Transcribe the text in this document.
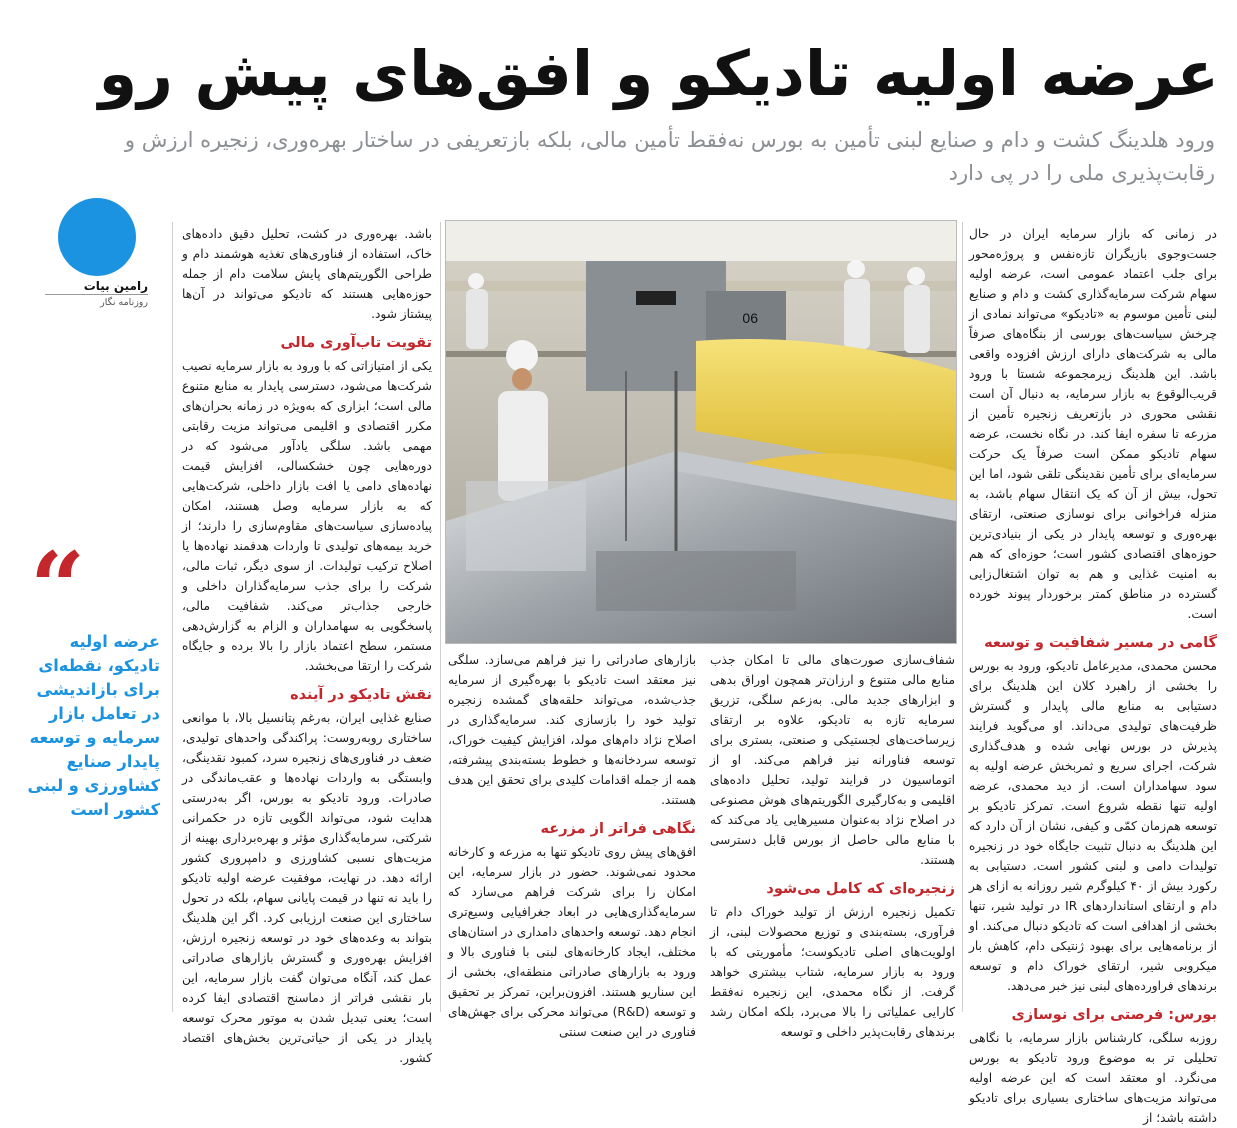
عرضه اولیه تادیکو و افق‌های پیش رو
ورود هلدینگ کشت و دام و صنایع لبنی تأمین به بورس نه‌فقط تأمین مالی، بلکه بازتعریفی در ساختار بهره‌وری، زنجیره ارزش و رقابت‌پذیری ملی را در پی دارد

در زمانی که بازار سرمایه ایران در حال جست‌وجوی بازیگران تازه‌نفس و پروژه‌محور برای جلب اعتماد عمومی است، عرضه اولیه سهام شرکت سرمایه‌گذاری کشت و دام و صنایع لبنی تأمین موسوم به «تادیکو» می‌تواند نمادی از چرخش سیاست‌های بورسی از بنگاه‌های صرفاً مالی به شرکت‌های دارای ارزش افزوده واقعی باشد. این هلدینگ زیرمجموعه شستا با ورود قریب‌الوقوع به بازار سرمایه، به دنبال آن است نقشی محوری در بازتعریف زنجیره تأمین از مزرعه تا سفره ایفا کند. در نگاه نخست، عرضه سهام تادیکو ممکن است صرفاً یک حرکت سرمایه‌ای برای تأمین نقدینگی تلقی شود، اما این تحول، بیش از آن که یک انتقال سهام باشد، به منزله فراخوانی برای نوسازی صنعتی، ارتقای بهره‌وری و توسعه پایدار در یکی از بنیادی‌ترین حوزه‌های اقتصادی کشور است؛ حوزه‌ای که هم به امنیت غذایی و هم به توان اشتغال‌زایی گسترده در مناطق کمتر برخوردار پیوند خورده است.

گامی در مسیر شفافیت و توسعه

محسن محمدی، مدیرعامل تادیکو، ورود به بورس را بخشی از راهبرد کلان این هلدینگ برای دستیابی به منابع مالی پایدار و گسترش ظرفیت‌های تولیدی می‌داند. او می‌گوید فرایند پذیرش در بورس نهایی شده و هدف‌گذاری شرکت، اجرای سریع و ثمربخش عرضه اولیه به سود سهامداران است. از دید محمدی، عرضه اولیه تنها نقطه شروع است. تمرکز تادیکو بر توسعه هم‌زمان کمّی و کیفی، نشان از آن دارد که این هلدینگ به دنبال تثبیت جایگاه خود در زنجیره تولیدات دامی و لبنی کشور است. دستیابی به رکورد بیش از ۴۰ کیلوگرم شیر روزانه به ازای هر دام و ارتقای استانداردهای IR در تولید شیر، تنها بخشی از اهدافی است که تادیکو دنبال می‌کند. او از برنامه‌هایی برای بهبود ژنتیکی دام، کاهش بار میکروبی شیر، ارتقای خوراک دام و توسعه برندهای فراورده‌های لبنی نیز خبر می‌دهد.

بورس: فرصتی برای نوسازی

روزبه سلگی، کارشناس بازار سرمایه، با نگاهی تحلیلی تر به موضوع ورود تادیکو به بورس می‌نگرد. او معتقد است که این عرضه اولیه می‌تواند مزیت‌های ساختاری بسیاری برای تادیکو داشته باشد؛ از

06

شفاف‌سازی صورت‌های مالی تا امکان جذب منابع مالی متنوع و ارزان‌تر همچون اوراق بدهی و ابزارهای جدید مالی. به‌زعم سلگی، تزریق سرمایه تازه به تادیکو، علاوه بر ارتقای زیرساخت‌های لجستیکی و صنعتی، بستری برای توسعه فناورانه نیز فراهم می‌کند. او از اتوماسیون در فرایند تولید، تحلیل داده‌های اقلیمی و به‌کارگیری الگوریتم‌های هوش مصنوعی در اصلاح نژاد به‌عنوان مسیرهایی یاد می‌کند که با منابع مالی حاصل از بورس قابل دسترسی هستند.

زنجیره‌ای که کامل می‌شود

تکمیل زنجیره ارزش از تولید خوراک دام تا فرآوری، بسته‌بندی و توزیع محصولات لبنی، از اولویت‌های اصلی تادیکوست؛ مأموریتی که با ورود به بازار سرمایه، شتاب بیشتری خواهد گرفت. از نگاه محمدی، این زنجیره نه‌فقط کارایی عملیاتی را بالا می‌برد، بلکه امکان رشد برندهای رقابت‌پذیر داخلی و توسعه

بازارهای صادراتی را نیز فراهم می‌سازد. سلگی نیز معتقد است تادیکو با بهره‌گیری از سرمایه جذب‌شده، می‌تواند حلقه‌های گمشده زنجیره تولید خود را بازسازی کند. سرمایه‌گذاری در اصلاح نژاد دام‌های مولد، افزایش کیفیت خوراک، توسعه سردخانه‌ها و خطوط بسته‌بندی پیشرفته، همه از جمله اقدامات کلیدی برای تحقق این هدف هستند.

نگاهی فراتر از مزرعه

افق‌های پیش روی تادیکو تنها به مزرعه و کارخانه محدود نمی‌شوند. حضور در بازار سرمایه، این امکان را برای شرکت فراهم می‌سازد که سرمایه‌گذاری‌هایی در ابعاد جغرافیایی وسیع‌تری انجام دهد. توسعه واحدهای دامداری در استان‌های مختلف، ایجاد کارخانه‌های لبنی با فناوری بالا و ورود به بازارهای صادراتی منطقه‌ای، بخشی از این سناریو هستند. افزون‌براین، تمرکز بر تحقیق و توسعه (R&D) می‌تواند محرکی برای جهش‌های فناوری در این صنعت سنتی

باشد. بهره‌وری در کشت، تحلیل دقیق داده‌های خاک، استفاده از فناوری‌های تغذیه هوشمند دام و طراحی الگوریتم‌های پایش سلامت دام از جمله حوزه‌هایی هستند که تادیکو می‌تواند در آن‌ها پیشتاز شود.

تقویت تاب‌آوری مالی

یکی از امتیازاتی که با ورود به بازار سرمایه نصیب شرکت‌ها می‌شود، دسترسی پایدار به منابع متنوع مالی است؛ ابزاری که به‌ویژه در زمانه بحران‌های مکرر اقتصادی و اقلیمی می‌تواند مزیت رقابتی مهمی باشد. سلگی یادآور می‌شود که در دوره‌هایی چون خشکسالی، افزایش قیمت نهاده‌های دامی یا افت بازار داخلی، شرکت‌هایی که به بازار سرمایه وصل هستند، امکان پیاده‌سازی سیاست‌های مقاوم‌سازی را دارند؛ از خرید بیمه‌های تولیدی تا واردات هدفمند نهاده‌ها یا اصلاح ترکیب تولیدات. از سوی دیگر، ثبات مالی، شرکت را برای جذب سرمایه‌گذاران داخلی و خارجی جذاب‌تر می‌کند. شفافیت مالی، پاسخگویی به سهامداران و الزام به گزارش‌دهی مستمر، سطح اعتماد بازار را بالا برده و جایگاه شرکت را ارتقا می‌بخشد.

نقش تادیکو در آینده

صنایع غذایی ایران، به‌رغم پتانسیل بالا، با موانعی ساختاری روبه‌روست: پراکندگی واحدهای تولیدی، ضعف در فناوری‌های زنجیره سرد، کمبود نقدینگی، وابستگی به واردات نهاده‌ها و عقب‌ماندگی در صادرات. ورود تادیکو به بورس، اگر به‌درستی هدایت شود، می‌تواند الگویی تازه در حکمرانی شرکتی، سرمایه‌گذاری مؤثر و بهره‌برداری بهینه از مزیت‌های نسبی کشاورزی و دامپروری کشور ارائه دهد. در نهایت، موفقیت عرضه اولیه تادیکو را باید نه تنها در قیمت پایانی سهام، بلکه در تحول ساختاری این صنعت ارزیابی کرد. اگر این هلدینگ بتواند به وعده‌های خود در توسعه زنجیره ارزش، افزایش بهره‌وری و گسترش بازارهای صادراتی عمل کند، آنگاه می‌توان گفت بازار سرمایه، این بار نقشی فراتر از دماسنج اقتصادی ایفا کرده است؛ یعنی تبدیل شدن به موتور محرک توسعه پایدار در یکی از حیاتی‌ترین بخش‌های اقتصاد کشور.

رامین بیات
روزنامه نگار
“
عرضه اولیه تادیکو، نقطه‌ای برای بازاندیشی در تعامل بازار سرمایه و توسعه پایدار صنایع کشاورزی و لبنی کشور است
